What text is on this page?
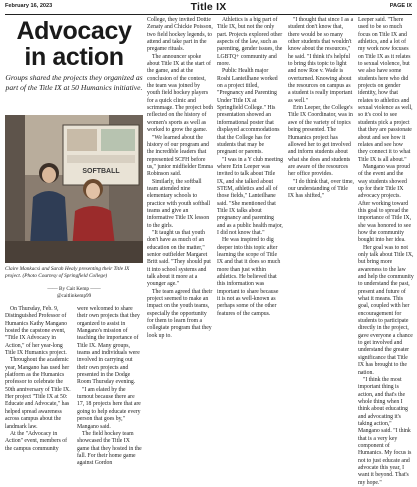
February 16, 2023	Title IX	PAGE IX
Advocacy
in action
Groups shared the projects they organized as part of the Title IX at 50 Humanics initiative.
SOFTBALL
Claire Mankacsi and Sarah Healy presenting their Title IX project. (Photo Courtesy of Springfield College)
—— By Cait Kemp ——
@caitlinkemp99

On Thursday, Feb. 9, Distinguished Professor of Humanics Kathy Mangano hosted the capstone event, "Title IX Advocacy in Action," of her year-long Title IX Humanics project.

Throughout the academic year, Mangano has used her platform as the Humanics professor to celebrate the 50th anniversary of Title IX. Her project "Title IX at 50: Educate and Advocate," has helped spread awareness across campus about the landmark law.

At the "Advocacy in Action" event, members of the campus community

were welcomed to share their own projects that they organized to assist in Mangano's mission of teaching the importance of Title IX. Many groups, teams and individuals were involved in carrying out their own projects and presented in the Dodge Room Thursday evening.

"I am elated by the turnout because there are 17, 18 projects here that are going to help educate every person that goes by," Mangano said.

The field hockey team showcased the Title IX game that they hosted in the fall. For their home game against Gordon

College, they invited Dottie Zenaty and Chickie Poisson, two field hockey legends, to attend and take part in the pregame rituals.

The announcer spoke about Title IX at the start of the game, and at the conclusion of the contest, the team was joined by youth field hockey players for a quick clinic and scrimmage. The project both reflected on the history of women's sports as well as worked to grow the game.

"We learned about the history of our program and the incredible leaders that represented SCFH before us," junior midfielder Emma Robinson said.

Similarly, the softball team attended nine elementary schools to practice with youth softball teams and give an informative Title IX lesson to the girls.

"It taught us that youth don't have as much of an education on the matter," senior outfielder Margaret Britt said. "They should put it into school systems and talk about it more at a younger age."

The team agreed that their project seemed to make an impact on the youth teams, especially the opportunity for them to learn from a collegiate program that they look up to.

Athletics is a big part of Title IX, but not the only part. Projects explored other aspects of the law, such as parenting, gender issues, the LGBTQ+ community and more.

Public Health major Roshi Lanteilhane worked on a project titled, "Pregnancy and Parenting Under Title IX at Springfield College." His presentation showed an informational poster that displayed accommodations that the College has for students that may be pregnant or parents.

"I was in a Y club meeting where Erin Leeper was invited to talk about Title IX, and she talked about STEM, athletics and all of those fields," Lanteilhane said. "She mentioned that Title IX talks about pregnancy and parenting and as a public health major, I did not know that."

He was inspired to dig deeper into this topic after learning the scope of Title IX and that it does so much more than just within athletics. He believed that this information was important to share because it is not as well-known as perhaps some of the other features of the campus.

"I thought that since I as a student don't know that, there would be so many other students that wouldn't know about the resources," he said. "I think it's helpful to bring this topic to light and now Roe v. Wade is overturned. Knowing about the resources on campus as a student is really important as well."

Erin Leeper, the College's Title IX Coordinator, was in awe of the variety of topics being presented. The Humanics project has allowed her to get involved and inform students about what she does and students are aware of the resources her office provides.

"I do think that, over time, our understanding of Title IX has shifted,"

Leeper said. "There used to be so much focus on Title IX and athletics, and a lot of my work now focuses on Title IX as it relates to sexual violence, but we also have some students here who did projects on gender identity, how that relates to athletics and sexual violence as well, so it's cool to see students pick a project that they are passionate about and see how it relates and see how they connect it to what Title IX is all about."

Mangano was proud of the event and the way students showed up for their Title IX advocacy projects. After working toward this goal to spread the importance of Title IX, she was honored to see how the community bought into her idea.

Her goal was to not only talk about Title IX, but bring more awareness to the law and help the community to understand the past, present and future of what it means. This goal, coupled with her encouragement for students to participate directly in the project, gave everyone a chance to get involved and understand the greater significance that Title IX has brought to the nation.

"I think the most important thing is action, and that's the whole thing when I think about educating and advocating it's taking action," Mangano said. "I think that is a very key component of Humanics. My focus is not to just educate and advocate this year, I want it beyond. That's my hope."
